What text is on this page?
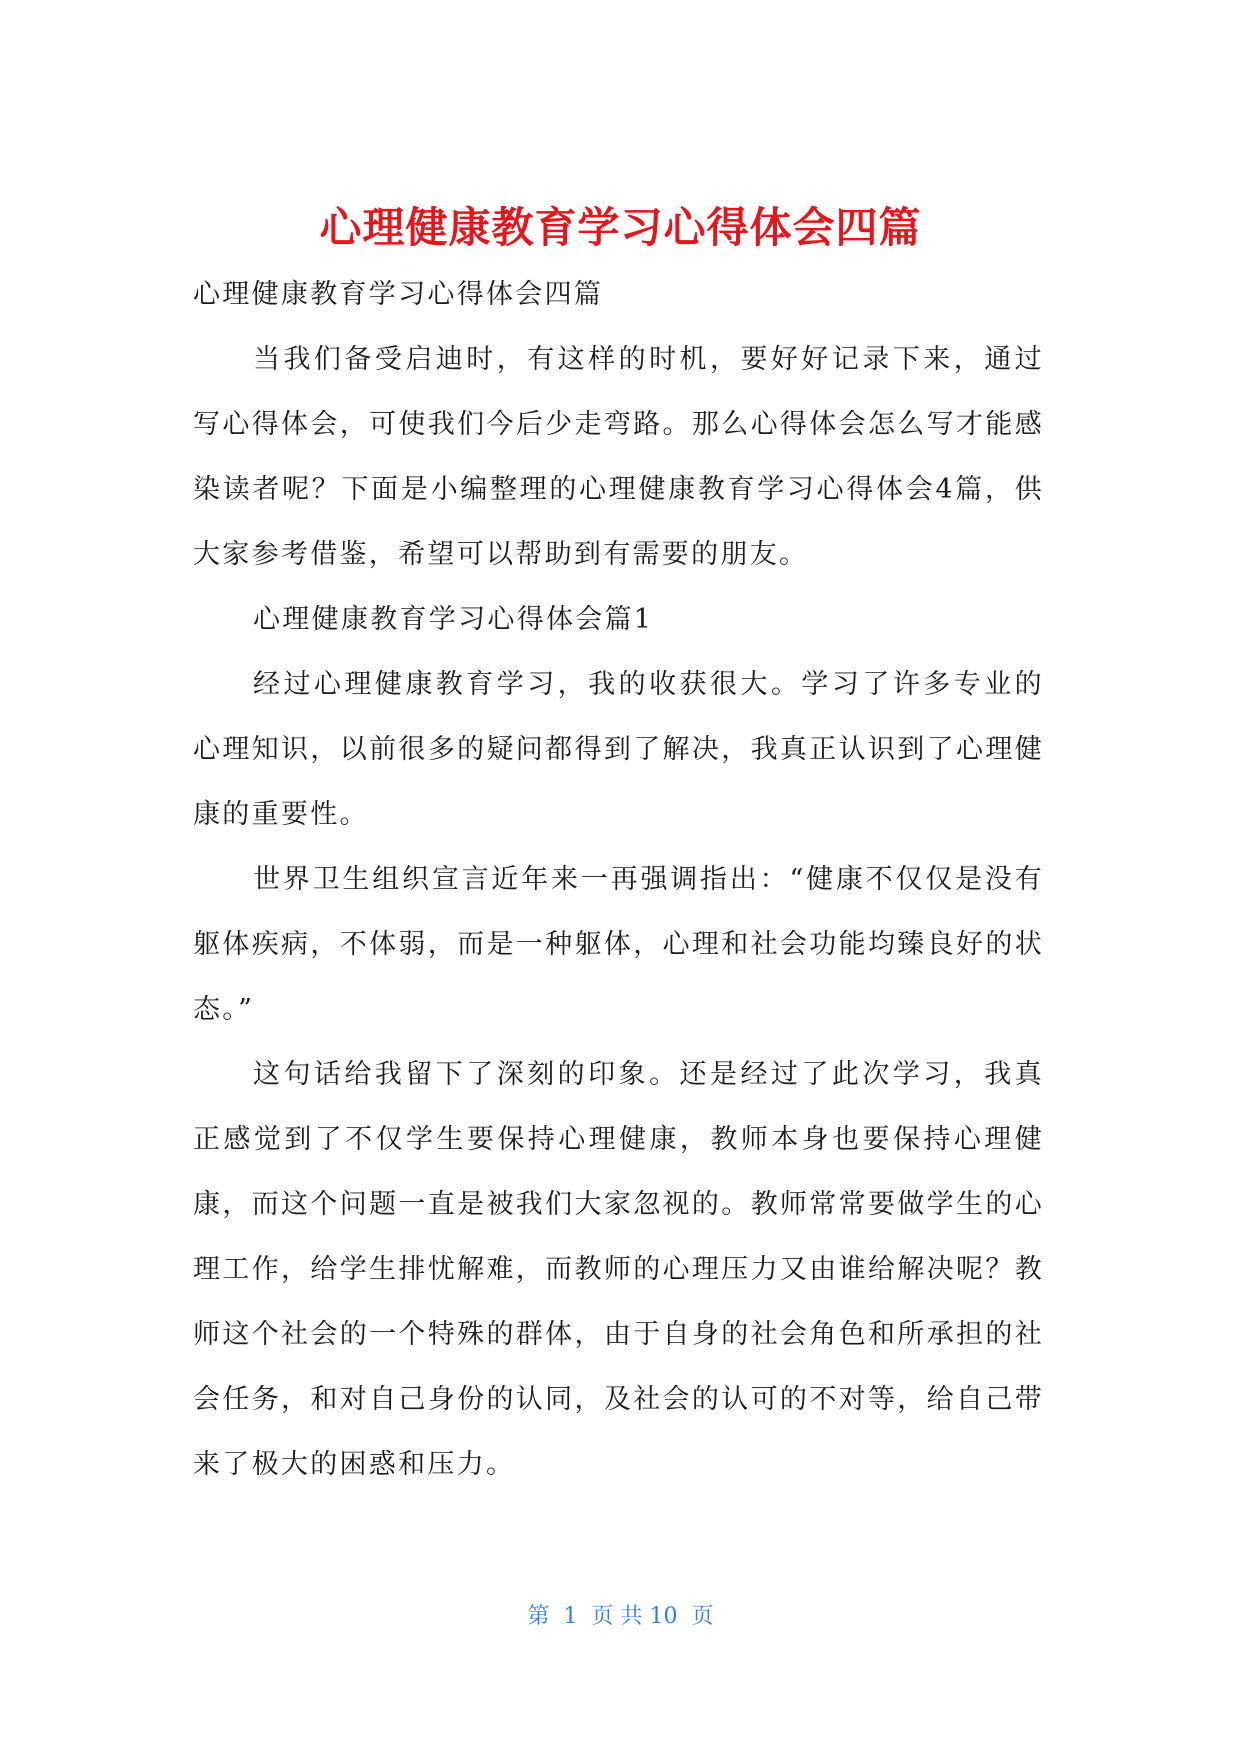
心理健康教育学习心得体会四篇

心理健康教育学习心得体会四篇

当我们备受启迪时，有这样的时机，要好好记录下来，通过写心得体会，可使我们今后少走弯路。那么心得体会怎么写才能感染读者呢？下面是小编整理的心理健康教育学习心得体会4篇，供大家参考借鉴，希望可以帮助到有需要的朋友。

心理健康教育学习心得体会篇1

经过心理健康教育学习，我的收获很大。学习了许多专业的心理知识，以前很多的疑问都得到了解决，我真正认识到了心理健康的重要性。

世界卫生组织宣言近年来一再强调指出：“健康不仅仅是没有躯体疾病，不体弱，而是一种躯体，心理和社会功能均臻良好的状态。”

这句话给我留下了深刻的印象。还是经过了此次学习，我真正感觉到了不仅学生要保持心理健康，教师本身也要保持心理健康，而这个问题一直是被我们大家忽视的。教师常常要做学生的心理工作，给学生排忧解难，而教师的心理压力又由谁给解决呢？教师这个社会的一个特殊的群体，由于自身的社会角色和所承担的社会任务，和对自己身份的认同，及社会的认可的不对等，给自己带来了极大的困惑和压力。

第  1  页 共 10  页
